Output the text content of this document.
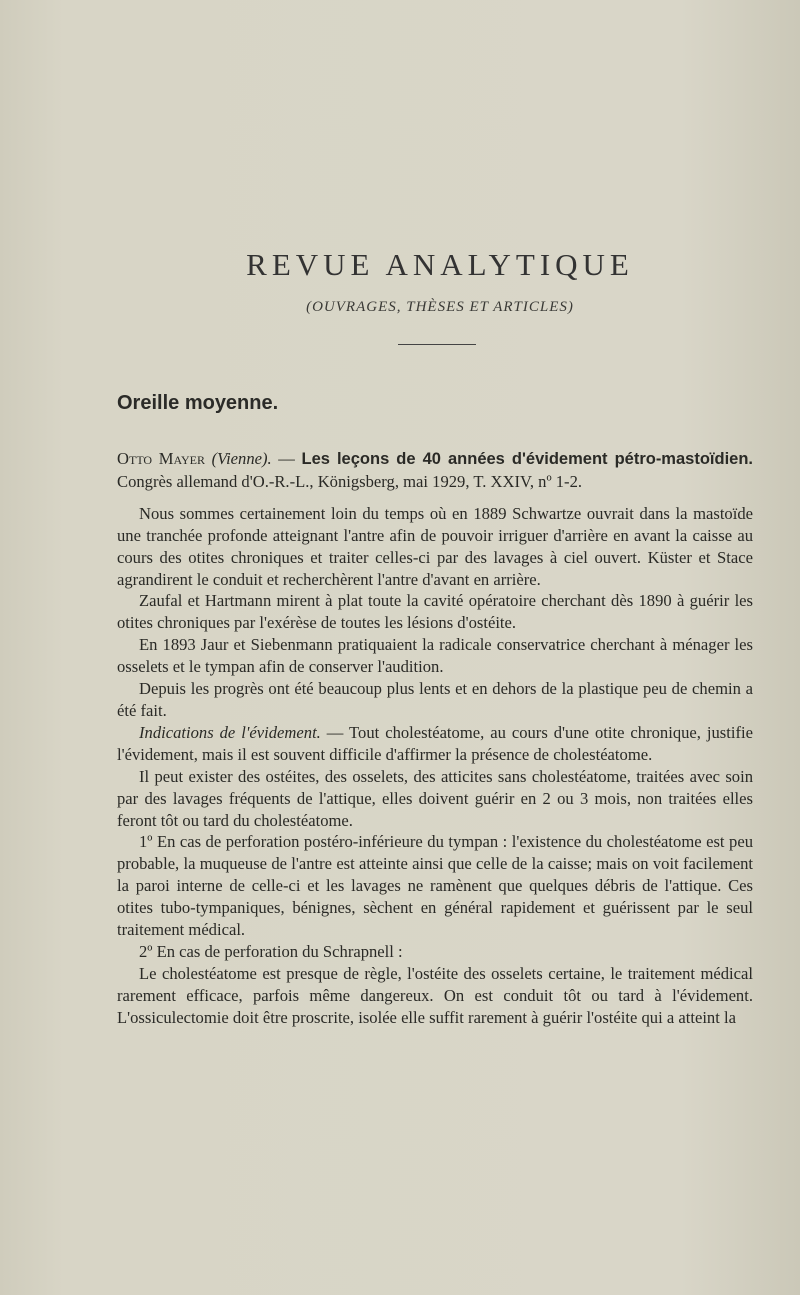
REVUE ANALYTIQUE
(OUVRAGES, THÈSES ET ARTICLES)
Oreille moyenne.

Otto Mayer (Vienne). — Les leçons de 40 années d'évidement pétro-mastoïdien. Congrès allemand d'O.-R.-L., Königsberg, mai 1929, T. XXIV, nº 1-2.

Nous sommes certainement loin du temps où en 1889 Schwartze ouvrait dans la mastoïde une tranchée profonde atteignant l'antre afin de pouvoir irriguer d'arrière en avant la caisse au cours des otites chroniques et traiter celles-ci par des lavages à ciel ouvert. Küster et Stace agrandirent le conduit et recherchèrent l'antre d'avant en arrière.

Zaufal et Hartmann mirent à plat toute la cavité opératoire cherchant dès 1890 à guérir les otites chroniques par l'exérèse de toutes les lésions d'ostéite.

En 1893 Jaur et Siebenmann pratiquaient la radicale conservatrice cherchant à ménager les osselets et le tympan afin de conserver l'audition.

Depuis les progrès ont été beaucoup plus lents et en dehors de la plastique peu de chemin a été fait.

Indications de l'évidement. — Tout cholestéatome, au cours d'une otite chronique, justifie l'évidement, mais il est souvent difficile d'affirmer la présence de cholestéatome.

Il peut exister des ostéites, des osselets, des atticites sans cholestéatome, traitées avec soin par des lavages fréquents de l'attique, elles doivent guérir en 2 ou 3 mois, non traitées elles feront tôt ou tard du cholestéatome.

1º En cas de perforation postéro-inférieure du tympan : l'existence du cholestéatome est peu probable, la muqueuse de l'antre est atteinte ainsi que celle de la caisse; mais on voit facilement la paroi interne de celle-ci et les lavages ne ramènent que quelques débris de l'attique. Ces otites tubo-tympaniques, bénignes, sèchent en général rapidement et guérissent par le seul traitement médical.

2º En cas de perforation du Schrapnell :

Le cholestéatome est presque de règle, l'ostéite des osselets certaine, le traitement médical rarement efficace, parfois même dangereux. On est conduit tôt ou tard à l'évidement. L'ossiculectomie doit être proscrite, isolée elle suffit rarement à guérir l'ostéite qui a atteint la
